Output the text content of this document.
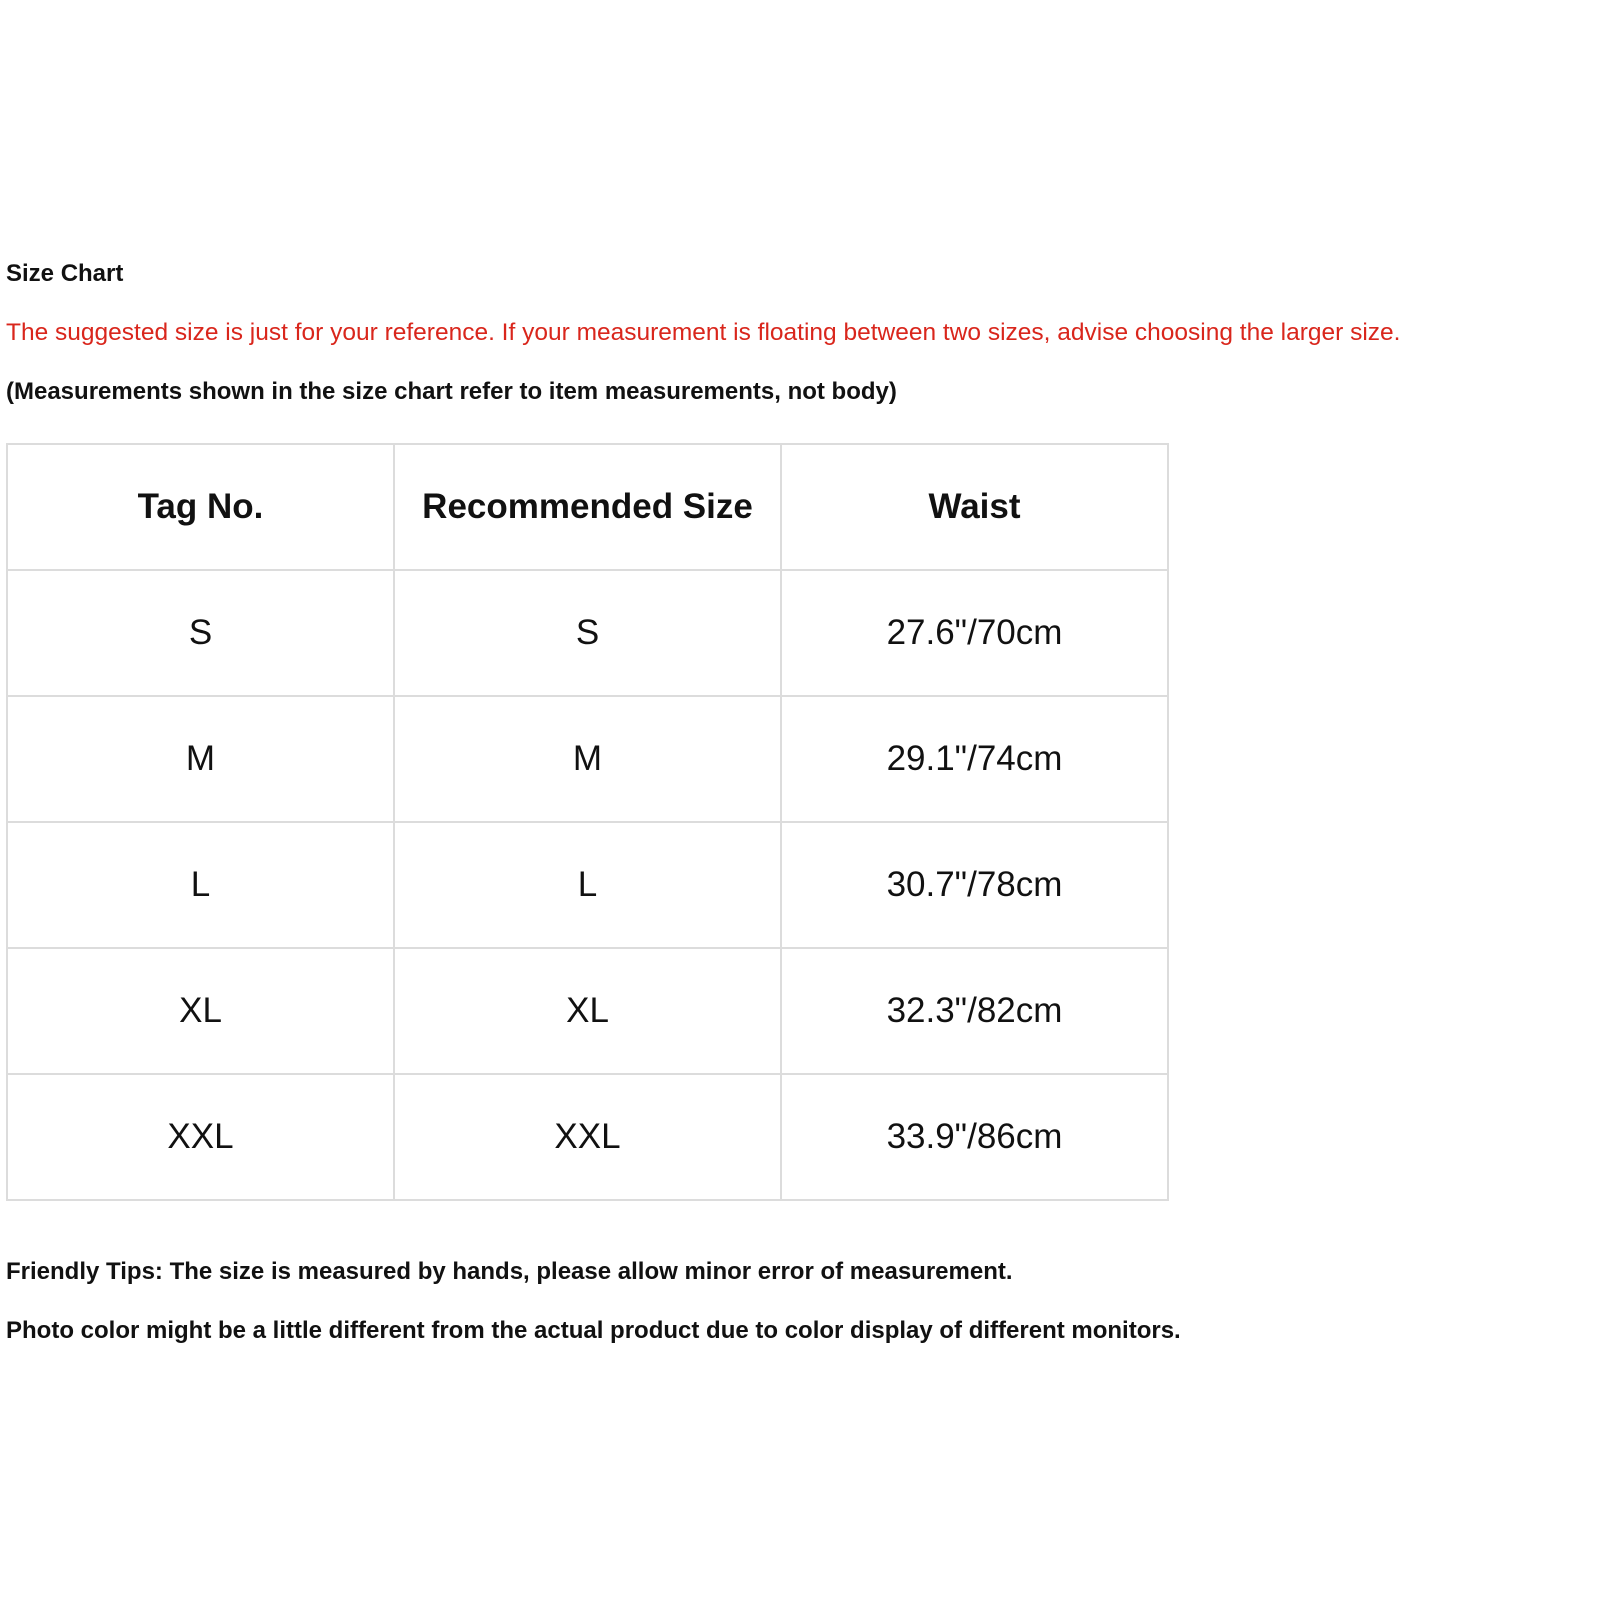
Size Chart
The suggested size is just for your reference. If your measurement is floating between two sizes, advise choosing the larger size.
(Measurements shown in the size chart refer to item measurements, not body)
Tag No.	Recommended Size	Waist
S	S	27.6"/70cm
M	M	29.1"/74cm
L	L	30.7"/78cm
XL	XL	32.3"/82cm
XXL	XXL	33.9"/86cm
Friendly Tips: The size is measured by hands, please allow minor error of measurement.
Photo color might be a little different from the actual product due to color display of different monitors.
